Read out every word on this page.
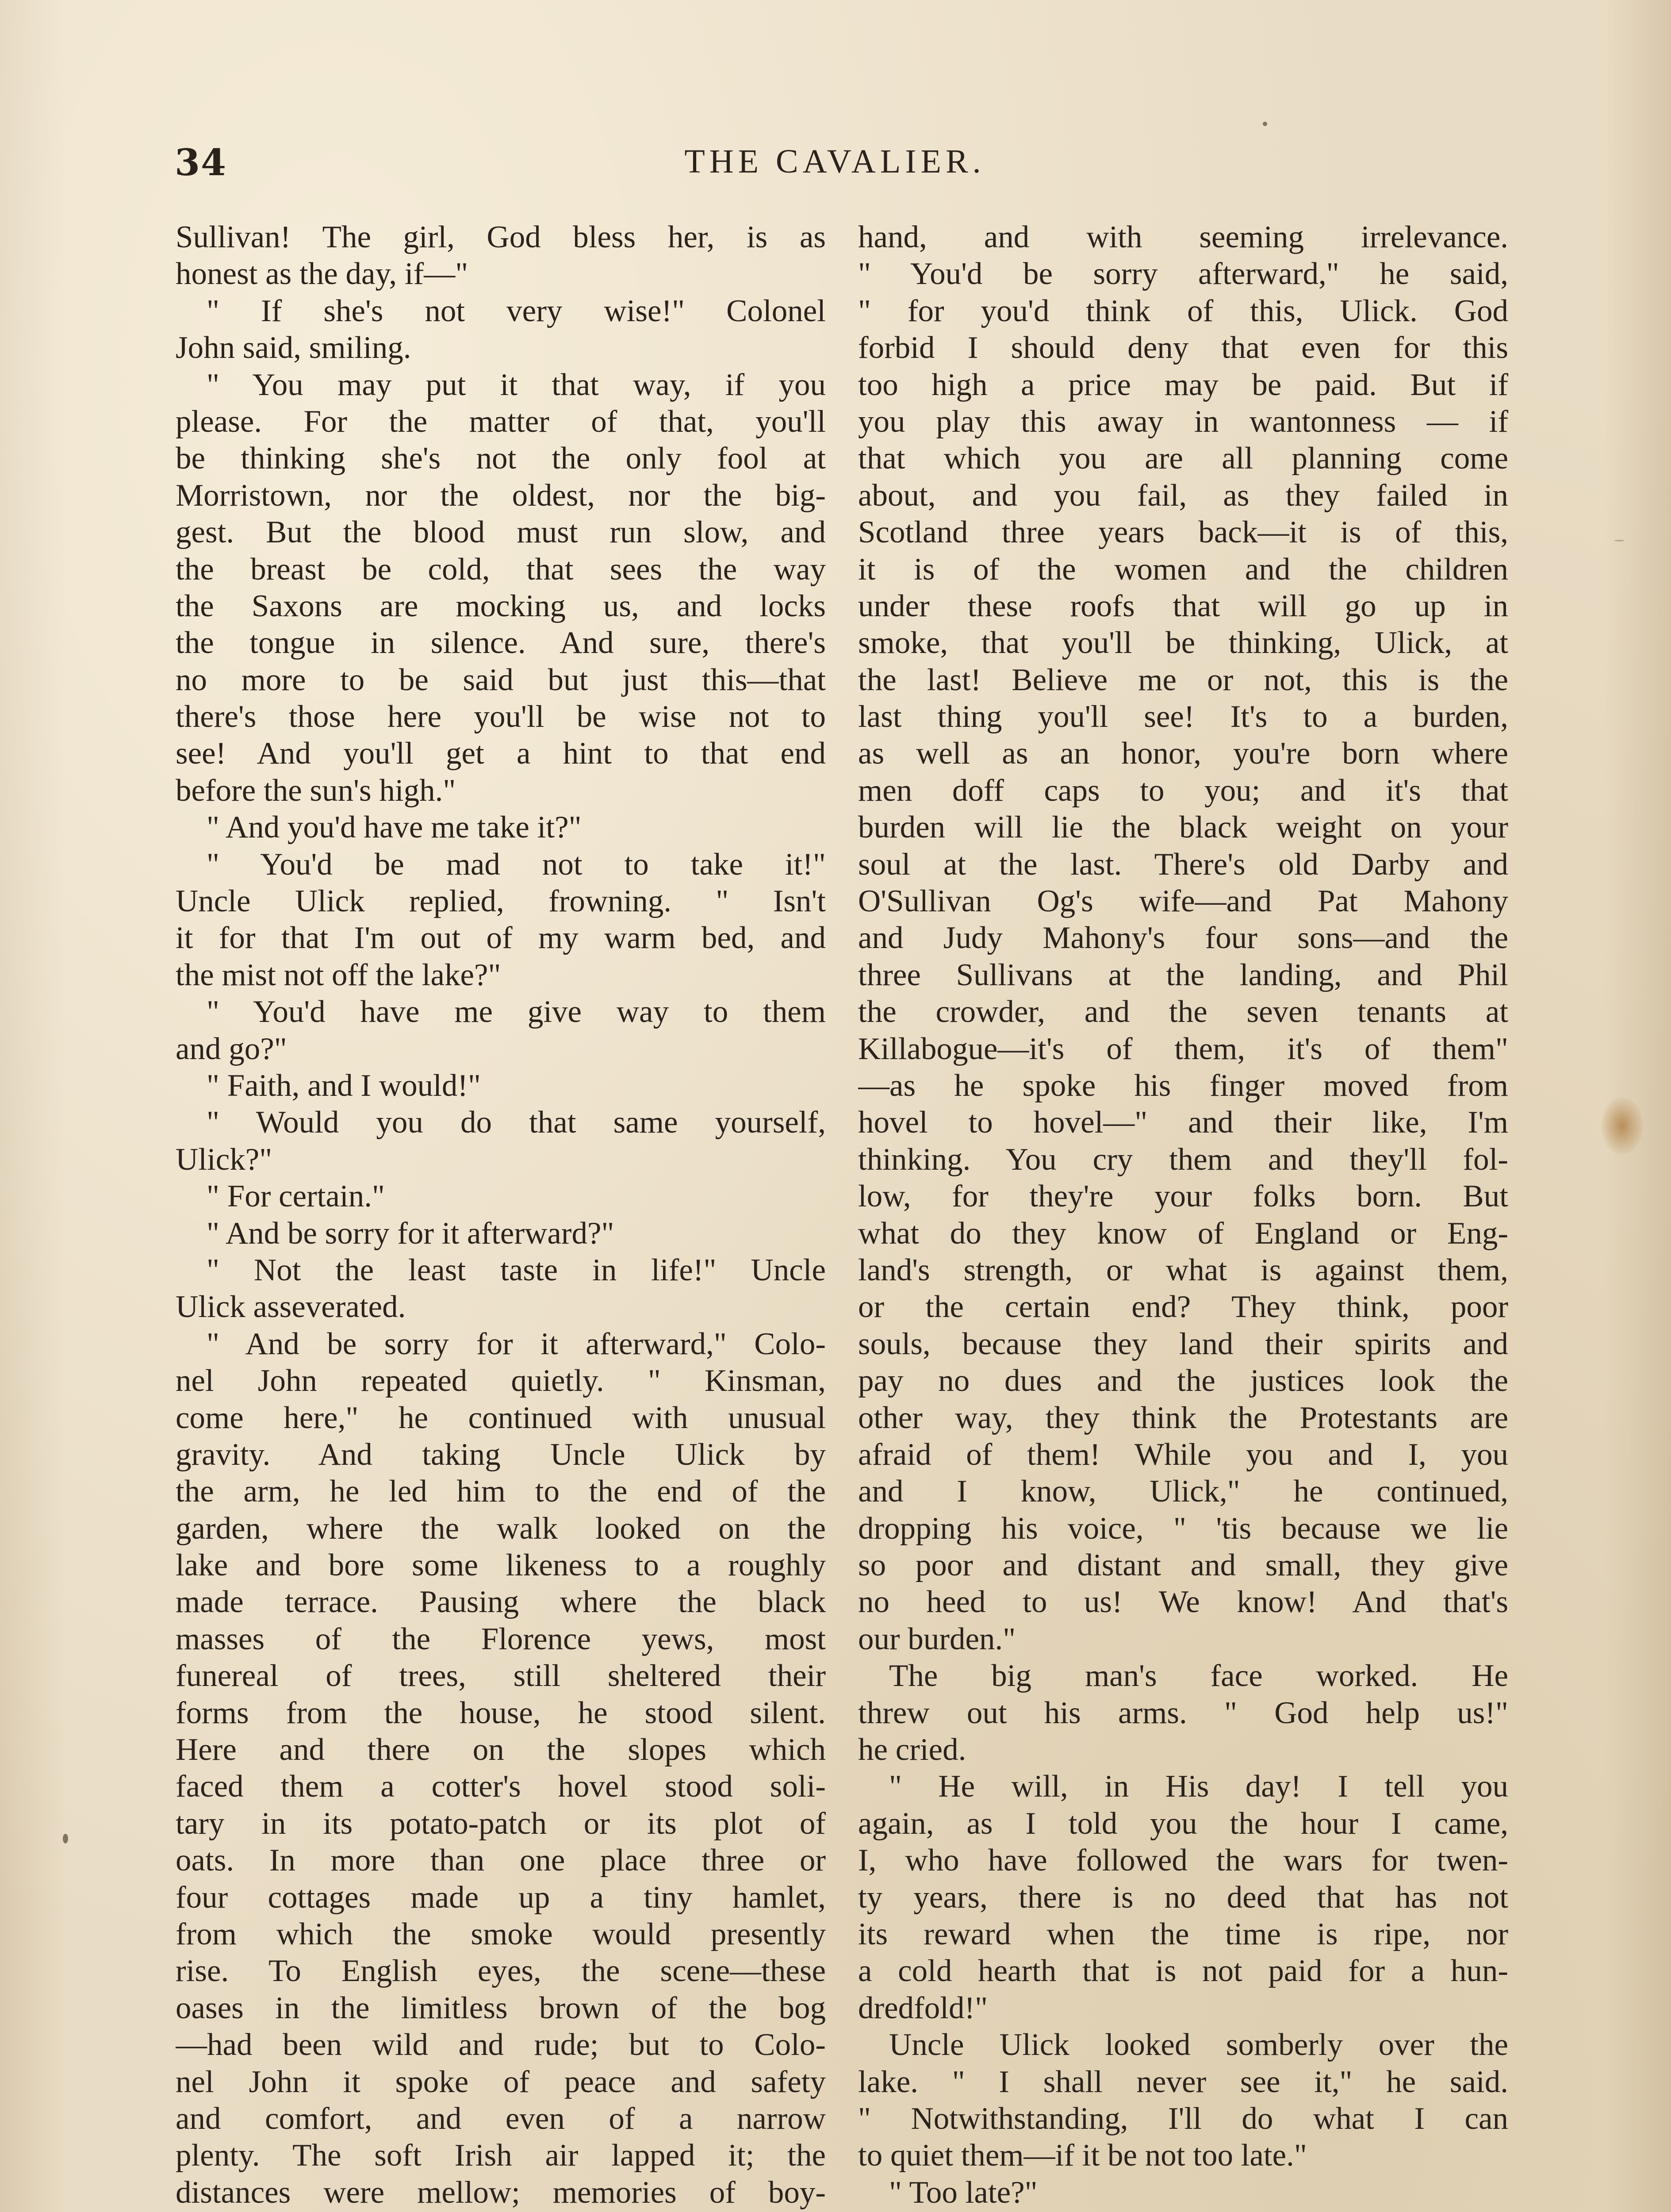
34	THE CAVALIER.
Sullivan! The girl, God bless her, is as
honest as the day, if—"
" If she's not very wise!" Colonel
John said, smiling.
" You may put it that way, if you
please. For the matter of that, you'll
be thinking she's not the only fool at
Morristown, nor the oldest, nor the big-
gest. But the blood must run slow, and
the breast be cold, that sees the way
the Saxons are mocking us, and locks
the tongue in silence. And sure, there's
no more to be said but just this—that
there's those here you'll be wise not to
see! And you'll get a hint to that end
before the sun's high."
" And you'd have me take it?"
" You'd be mad not to take it!"
Uncle Ulick replied, frowning. " Isn't
it for that I'm out of my warm bed, and
the mist not off the lake?"
" You'd have me give way to them
and go?"
" Faith, and I would!"
" Would you do that same yourself,
Ulick?"
" For certain."
" And be sorry for it afterward?"
" Not the least taste in life!" Uncle
Ulick asseverated.
" And be sorry for it afterward," Colo-
nel John repeated quietly. " Kinsman,
come here," he continued with unusual
gravity. And taking Uncle Ulick by
the arm, he led him to the end of the
garden, where the walk looked on the
lake and bore some likeness to a roughly
made terrace. Pausing where the black
masses of the Florence yews, most
funereal of trees, still sheltered their
forms from the house, he stood silent.
Here and there on the slopes which
faced them a cotter's hovel stood soli-
tary in its potato-patch or its plot of
oats. In more than one place three or
four cottages made up a tiny hamlet,
from which the smoke would presently
rise. To English eyes, the scene—these
oases in the limitless brown of the bog
—had been wild and rude; but to Colo-
nel John it spoke of peace and safety
and comfort, and even of a narrow
plenty. The soft Irish air lapped it; the
distances were mellow; memories of boy-
hand, and with seeming irrelevance.
" You'd be sorry afterward," he said,
" for you'd think of this, Ulick. God
forbid I should deny that even for this
too high a price may be paid. But if
you play this away in wantonness — if
that which you are all planning come
about, and you fail, as they failed in
Scotland three years back—it is of this,
it is of the women and the children
under these roofs that will go up in
smoke, that you'll be thinking, Ulick, at
the last! Believe me or not, this is the
last thing you'll see! It's to a burden,
as well as an honor, you're born where
men doff caps to you; and it's that
burden will lie the black weight on your
soul at the last. There's old Darby and
O'Sullivan Og's wife—and Pat Mahony
and Judy Mahony's four sons—and the
three Sullivans at the landing, and Phil
the crowder, and the seven tenants at
Killabogue—it's of them, it's of them"
—as he spoke his finger moved from
hovel to hovel—" and their like, I'm
thinking. You cry them and they'll fol-
low, for they're your folks born. But
what do they know of England or Eng-
land's strength, or what is against them,
or the certain end? They think, poor
souls, because they land their spirits and
pay no dues and the justices look the
other way, they think the Protestants are
afraid of them! While you and I, you
and I know, Ulick," he continued,
dropping his voice, " 'tis because we lie
so poor and distant and small, they give
no heed to us! We know! And that's
our burden."
The big man's face worked. He
threw out his arms. " God help us!"
he cried.
" He will, in His day! I tell you
again, as I told you the hour I came,
I, who have followed the wars for twen-
ty years, there is no deed that has not
its reward when the time is ripe, nor
a cold hearth that is not paid for a hun-
dredfold!"
Uncle Ulick looked somberly over the
lake. " I shall never see it," he said.
" Notwithstanding, I'll do what I can
to quiet them—if it be not too late."
" Too late?"
